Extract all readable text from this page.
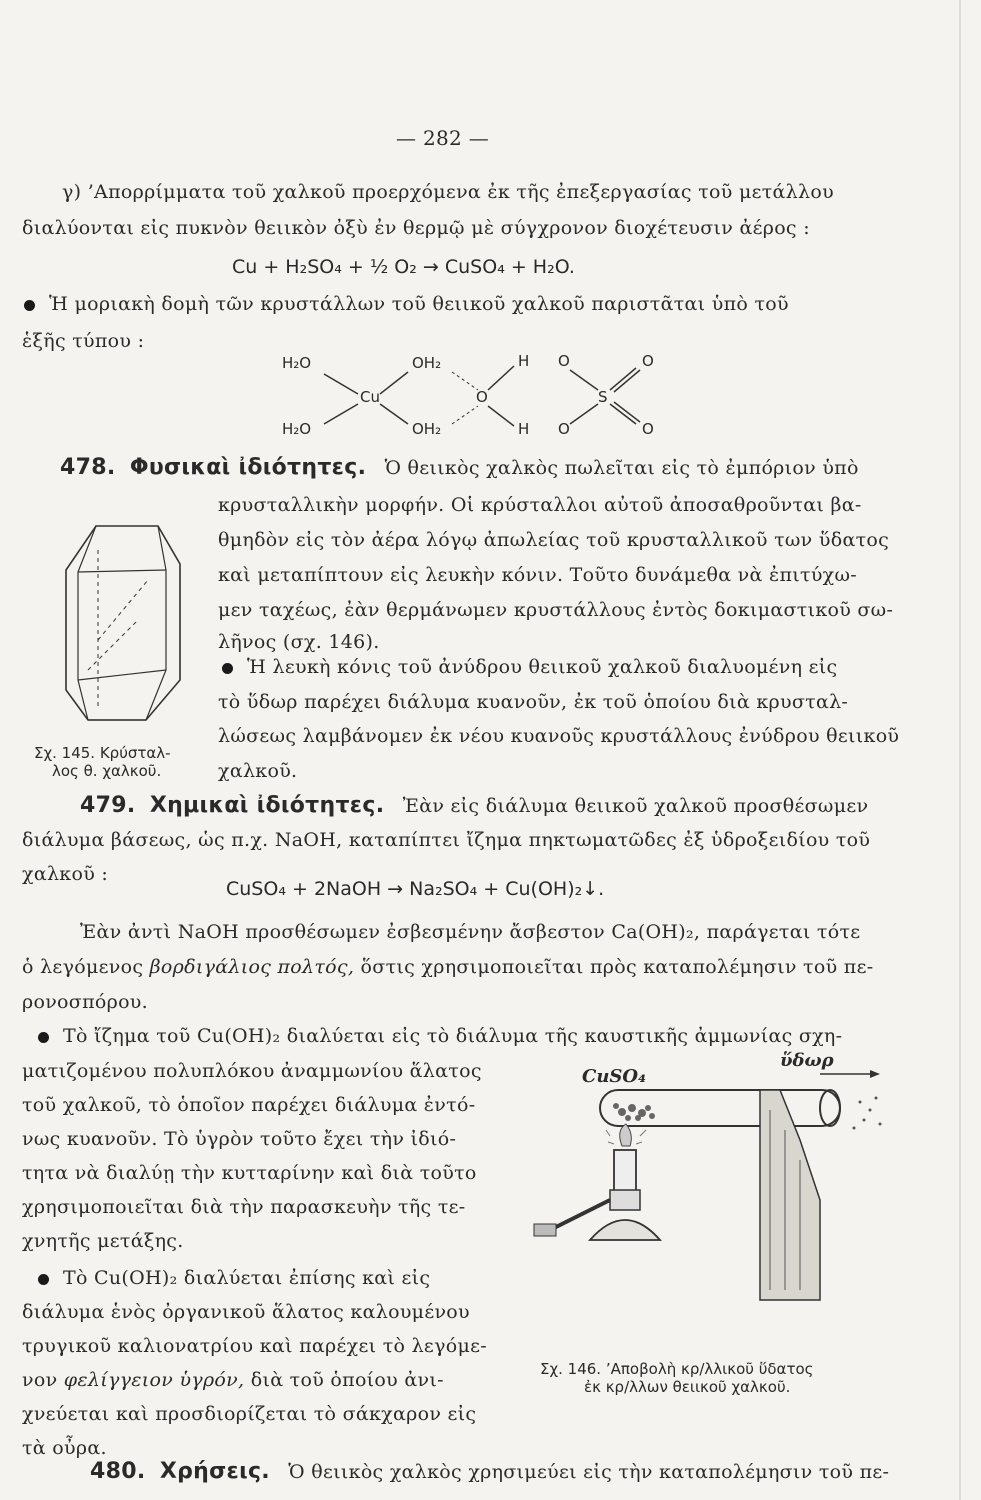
— 282 —
γ) ’Απορρίμματα τοῦ χαλκοῦ προερχόμενα ἐκ τῆς ἐπεξεργασίας τοῦ μετάλλου
διαλύονται εἰς πυκνὸν θειικὸν ὀξὺ ἐν θερμῷ μὲ σύγχρονον διοχέτευσιν ἀέρος :
Cu + H₂SO₄ + ½ O₂ → CuSO₄ + H₂O.
Ἡ μοριακὴ δομὴ τῶν κρυστάλλων τοῦ θειικοῦ χαλκοῦ παριστᾶται ὑπὸ τοῦ
ἑξῆς τύπου :
H₂O
H₂O
OH₂
OH₂
Cu	O
H
H
S
O	O
O	O
478. Φυσικαὶ ἰδιότητες. Ὁ θειικὸς χαλκὸς πωλεῖται εἰς τὸ ἐμπόριον ὑπὸ
κρυσταλλικὴν μορφήν. Οἱ κρύσταλλοι αὐτοῦ ἀποσαθροῦνται βα-
θμηδὸν εἰς τὸν ἀέρα λόγῳ ἀπωλείας τοῦ κρυσταλλικοῦ των ὕδατος
καὶ μεταπίπτουν εἰς λευκὴν κόνιν. Τοῦτο δυνάμεθα νὰ ἐπιτύχω-
μεν ταχέως, ἐὰν θερμάνωμεν κρυστάλλους ἐντὸς δοκιμαστικοῦ σω-
λῆνος (σχ. 146).
Σχ. 145. Κρύσταλ-
λος θ. χαλκοῦ.
Ἡ λευκὴ κόνις τοῦ ἀνύδρου θειικοῦ χαλκοῦ διαλυομένη εἰς
τὸ ὕδωρ παρέχει διάλυμα κυανοῦν, ἐκ τοῦ ὁποίου διὰ κρυσταλ-
λώσεως λαμβάνομεν ἐκ νέου κυανοῦς κρυστάλλους ἐνύδρου θειικοῦ
χαλκοῦ.
479. Χημικαὶ ἰδιότητες. Ἐὰν εἰς διάλυμα θειικοῦ χαλκοῦ προσθέσωμεν
διάλυμα βάσεως, ὡς π.χ. NaOH, καταπίπτει ἴζημα πηκτωματῶδες ἐξ ὑδροξειδίου τοῦ
χαλκοῦ :
CuSO₄ + 2NaOH → Na₂SO₄ + Cu(OH)₂↓.
Ἐὰν ἀντὶ NaOH προσθέσωμεν ἐσβεσμένην ἄσβεστον Ca(OH)₂, παράγεται τότε
ὁ λεγόμενος βορδιγάλιος πολτός, ὅστις χρησιμοποιεῖται πρὸς καταπολέμησιν τοῦ πε-
ρονοσπόρου.
Τὸ ἴζημα τοῦ Cu(OH)₂ διαλύεται εἰς τὸ διάλυμα τῆς καυστικῆς ἀμμωνίας σχη-
ματιζομένου πολυπλόκου ἀναμμωνίου ἅλατος
τοῦ χαλκοῦ, τὸ ὁποῖον παρέχει διάλυμα ἐντό-
νως κυανοῦν. Τὸ ὑγρὸν τοῦτο ἔχει τὴν ἰδιό-
τητα νὰ διαλύῃ τὴν κυτταρίνην καὶ διὰ τοῦτο
χρησιμοποιεῖται διὰ τὴν παρασκευὴν τῆς τε-
χνητῆς μετάξης.
Τὸ Cu(OH)₂ διαλύεται ἐπίσης καὶ εἰς
διάλυμα ἑνὸς ὀργανικοῦ ἅλατος καλουμένου
τρυγικοῦ καλιονατρίου καὶ παρέχει τὸ λεγόμε-
νον φελίγγειον ὑγρόν, διὰ τοῦ ὁποίου ἀνι-
χνεύεται καὶ προσδιορίζεται τὸ σάκχαρον εἰς
τὰ οὖρα.
CuSO₄
ὕδωρ
Σχ. 146. ’Αποβολὴ κρ/λλικοῦ ὕδατος
ἐκ κρ/λλων θειικοῦ χαλκοῦ.
480. Χρήσεις. Ὁ θειικὸς χαλκὸς χρησιμεύει εἰς τὴν καταπολέμησιν τοῦ πε-
